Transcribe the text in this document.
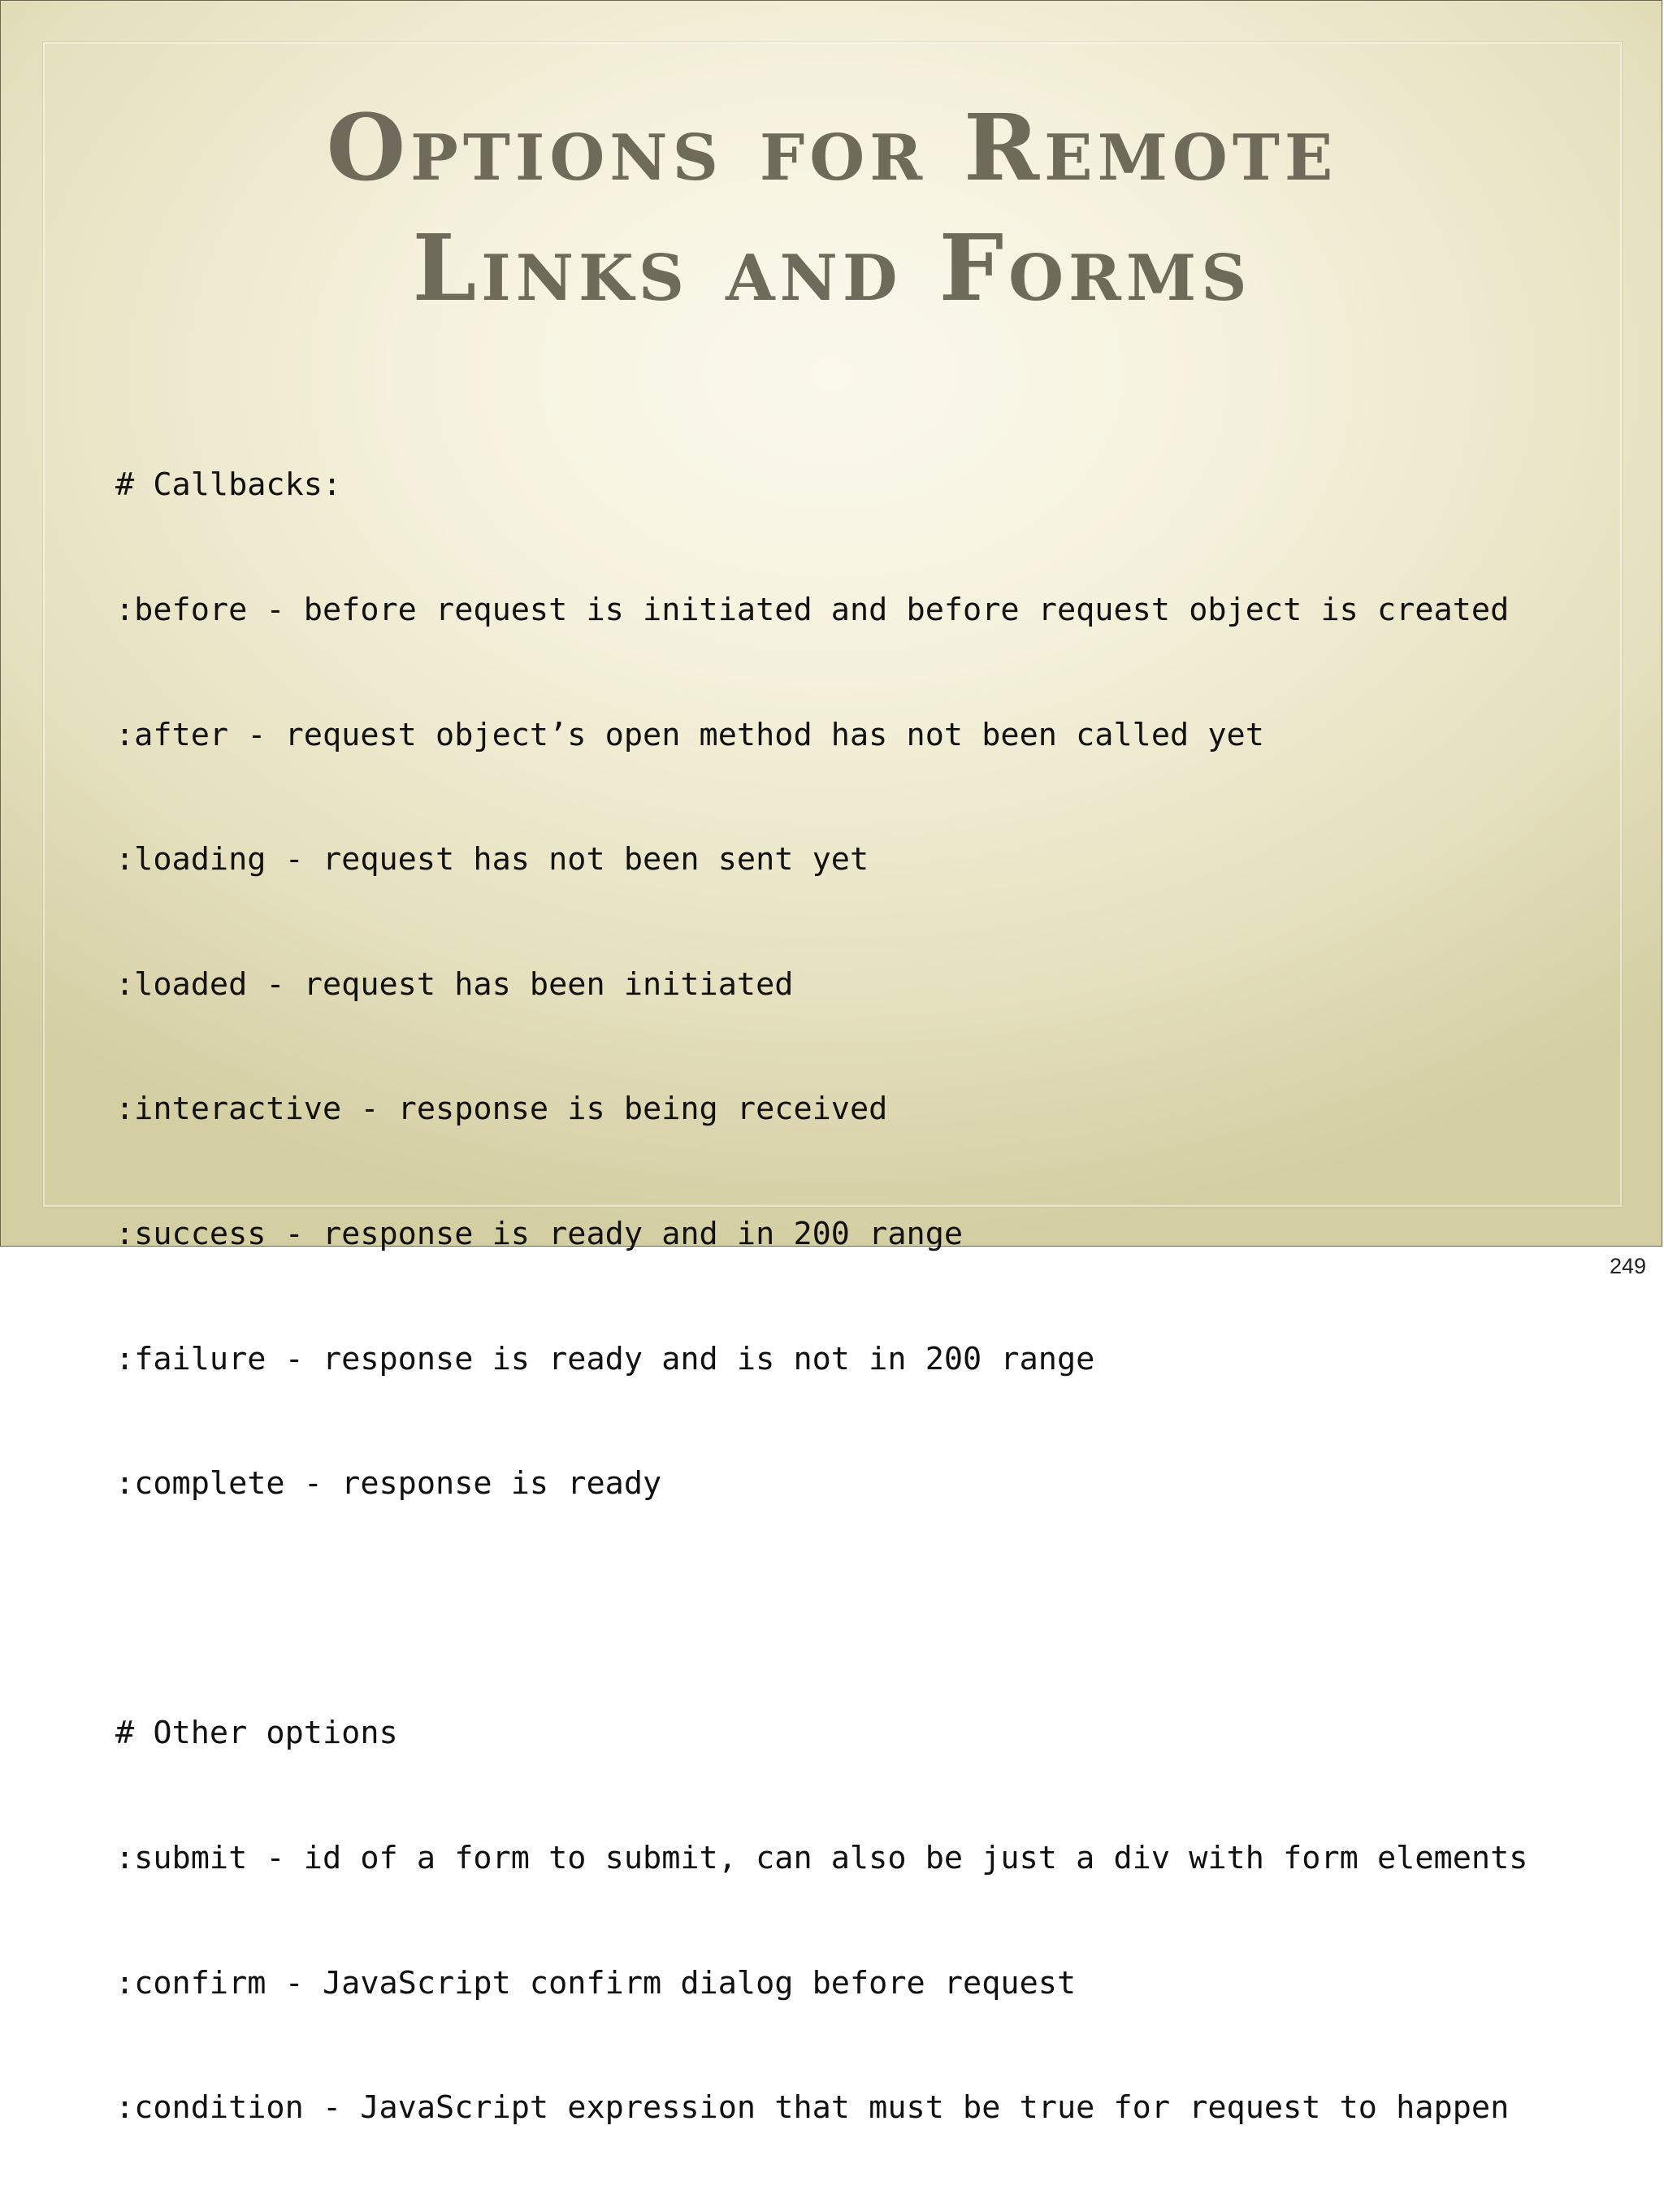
Options for Remote
Links and Forms

# Callbacks:

:before - before request is initiated and before request object is created

:after - request object’s open method has not been called yet

:loading - request has not been sent yet

:loaded - request has been initiated

:interactive - response is being received

:success - response is ready and in 200 range

:failure - response is ready and is not in 200 range

:complete - response is ready

# Other options

:submit - id of a form to submit, can also be just a div with form elements

:confirm - JavaScript confirm dialog before request

:condition - JavaScript expression that must be true for request to happen

249
